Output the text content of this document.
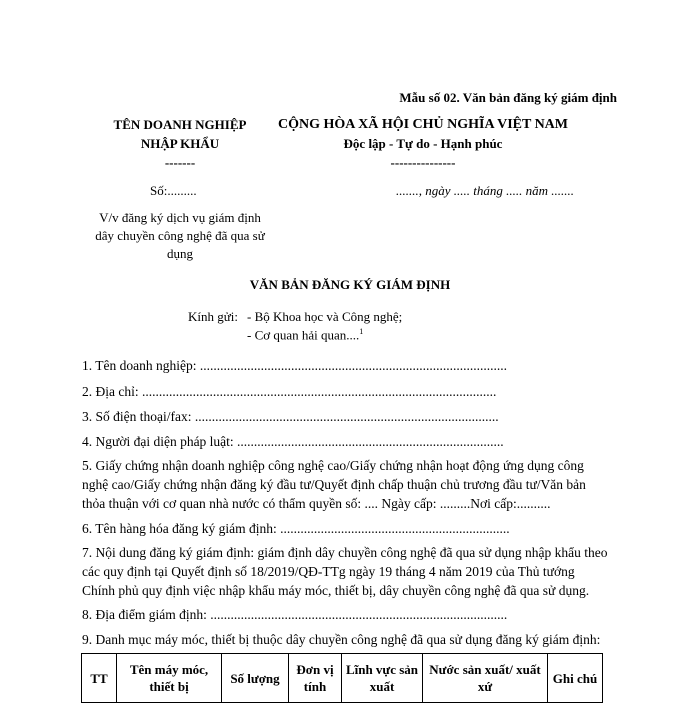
Mẫu số 02. Văn bản đăng ký giám định
TÊN DOANH NGHIỆP
NHẬP KHẨU
-------
CỘNG HÒA XÃ HỘI CHỦ NGHĨA VIỆT NAM
Độc lập - Tự do - Hạnh phúc
---------------
Số:.........	......., ngày ..... tháng ..... năm .......
V/v đăng ký dịch vụ giám định
dây chuyền công nghệ đã qua sử
dụng
VĂN BẢN ĐĂNG KÝ GIÁM ĐỊNH
Kính gửi: - Bộ Khoa học và Công nghệ;
- Cơ quan hải quan....$^1$
1. Tên doanh nghiệp: ...........................................................................................
2. Địa chỉ: .........................................................................................................
3. Số điện thoại/fax: ..........................................................................................
4. Người đại diện pháp luật: ...............................................................................
5. Giấy chứng nhận doanh nghiệp công nghệ cao/Giấy chứng nhận hoạt động ứng dụng công
nghệ cao/Giấy chứng nhận đăng ký đầu tư/Quyết định chấp thuận chủ trương đầu tư/Văn bản
thỏa thuận với cơ quan nhà nước có thẩm quyền số: .... Ngày cấp: .........Nơi cấp:..........
6. Tên hàng hóa đăng ký giám định: ....................................................................
7. Nội dung đăng ký giám định: giám định dây chuyền công nghệ đã qua sử dụng nhập khẩu theo
các quy định tại Quyết định số 18/2019/QĐ-TTg ngày 19 tháng 4 năm 2019 của Thủ tướng
Chính phủ quy định việc nhập khẩu máy móc, thiết bị, dây chuyền công nghệ đã qua sử dụng.
8. Địa điểm giám định: ........................................................................................
9. Danh mục máy móc, thiết bị thuộc dây chuyền công nghệ đã qua sử dụng đăng ký giám định:
TT	Tên máy móc, thiết bị	Số lượng	Đơn vị tính	Lĩnh vực sản xuất	Nước sản xuất/ xuất xứ	Ghi chú
